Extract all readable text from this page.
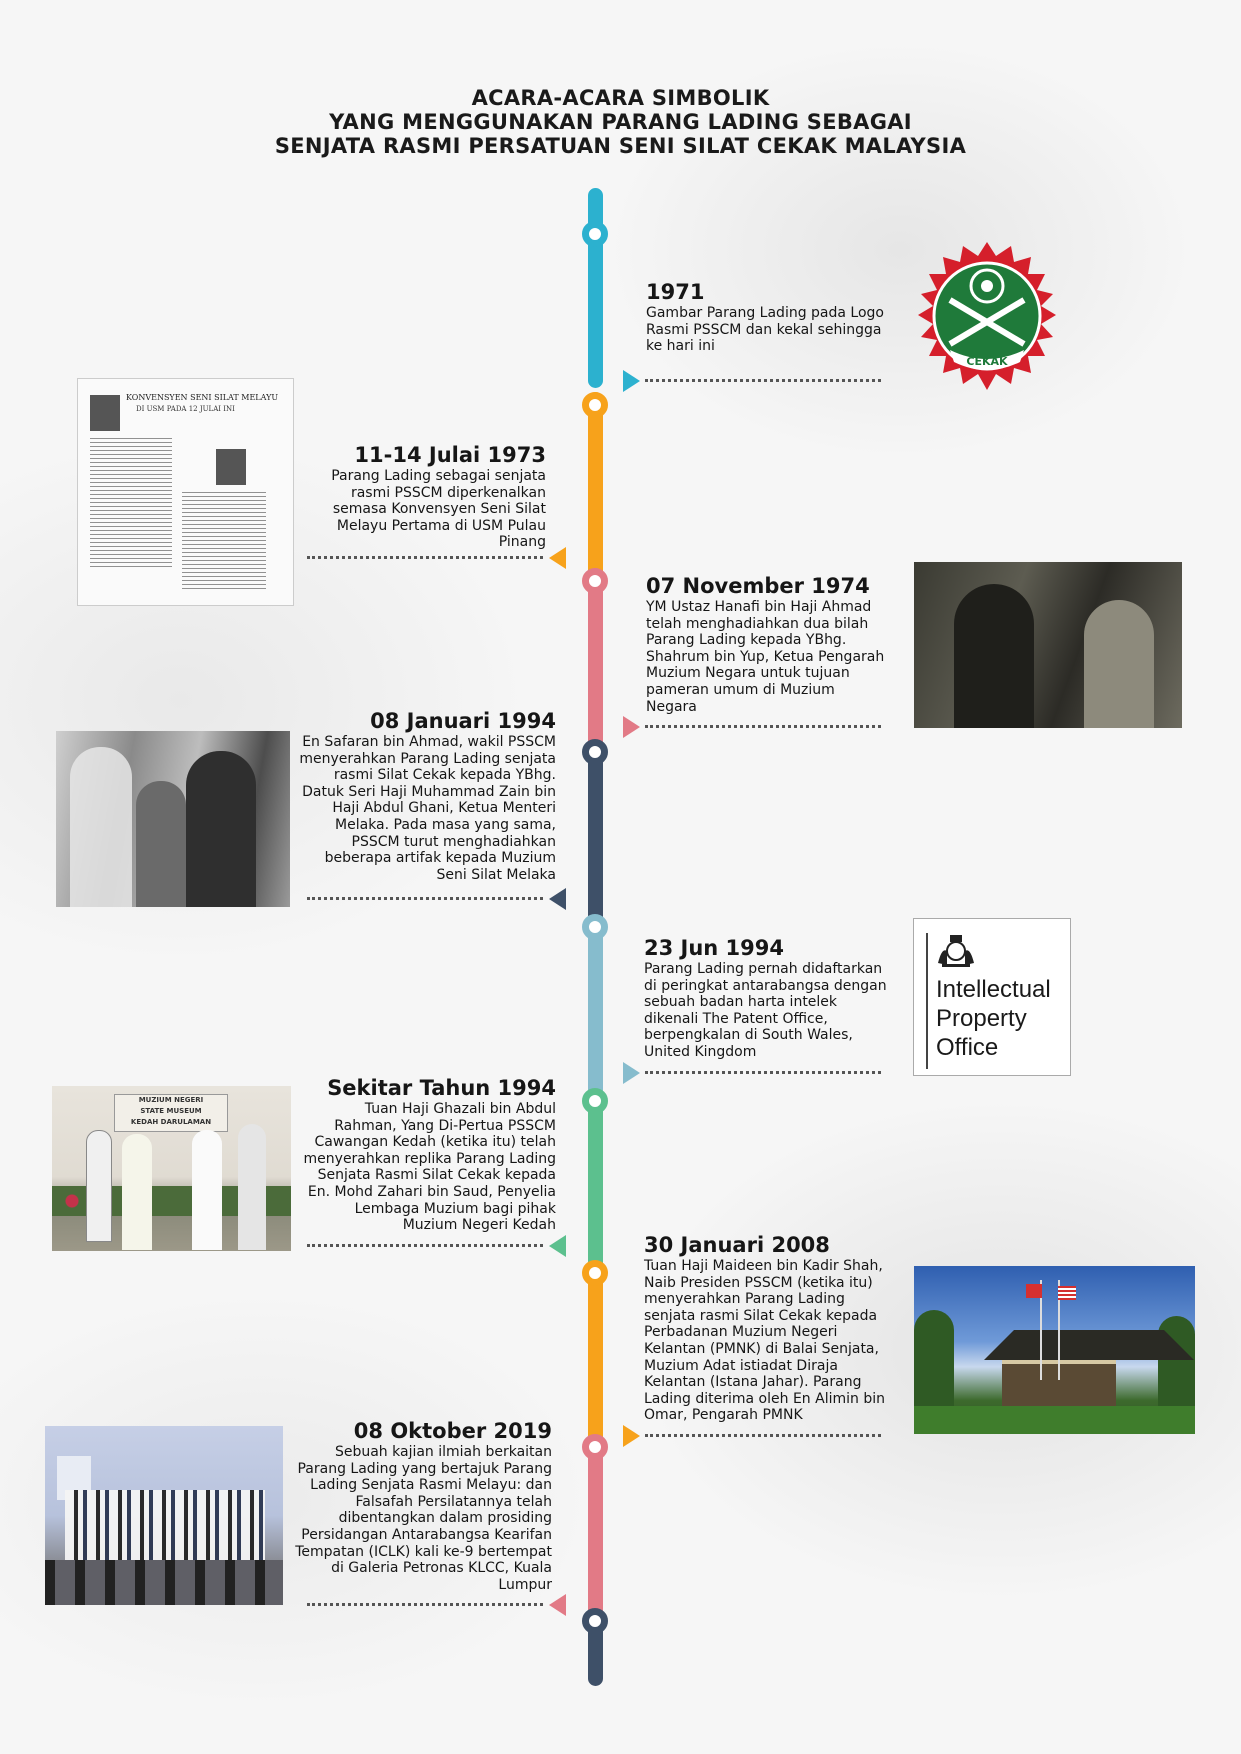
ACARA-ACARA SIMBOLIK
YANG MENGGUNAKAN PARANG LADING SEBAGAI
SENJATA RASMI PERSATUAN SENI SILAT CEKAK MALAYSIA
1971
Gambar Parang Lading pada Logo Rasmi PSSCM dan kekal sehingga ke hari ini
CEKAK
KONVENSYEN SENI SILAT MELAYU
DI USM PADA 12 JULAI INI
11-14 Julai 1973
Parang Lading sebagai senjata rasmi PSSCM diperkenalkan semasa Konvensyen Seni Silat Melayu Pertama di USM Pulau Pinang
07 November 1974
YM Ustaz Hanafi bin Haji Ahmad telah menghadiahkan dua bilah Parang Lading kepada YBhg. Shahrum bin Yup, Ketua Pengarah Muzium Negara untuk tujuan pameran umum di Muzium Negara
08 Januari 1994
En Safaran bin Ahmad, wakil PSSCM menyerahkan Parang Lading senjata rasmi Silat Cekak kepada YBhg. Datuk Seri Haji Muhammad Zain bin Haji Abdul Ghani, Ketua Menteri Melaka. Pada masa yang sama, PSSCM turut menghadiahkan beberapa artifak kepada Muzium Seni Silat Melaka
23 Jun 1994
Parang Lading pernah didaftarkan di peringkat antarabangsa dengan sebuah badan harta intelek dikenali The Patent Office, berpengkalan di South Wales, United Kingdom
Intellectual
Property
Office
MUZIUM NEGERI
STATE MUSEUM
KEDAH DARULAMAN
Sekitar Tahun 1994
Tuan Haji Ghazali bin Abdul Rahman, Yang Di-Pertua PSSCM Cawangan Kedah (ketika itu) telah menyerahkan replika Parang Lading Senjata Rasmi Silat Cekak kepada En. Mohd Zahari bin Saud, Penyelia Lembaga Muzium bagi pihak Muzium Negeri Kedah
30 Januari 2008
Tuan Haji Maideen bin Kadir Shah, Naib Presiden PSSCM (ketika itu) menyerahkan Parang Lading senjata rasmi Silat Cekak kepada Perbadanan Muzium Negeri Kelantan (PMNK) di Balai Senjata, Muzium Adat istiadat Diraja Kelantan (Istana Jahar). Parang Lading diterima oleh En Alimin bin Omar, Pengarah PMNK
08 Oktober 2019
Sebuah kajian ilmiah berkaitan Parang Lading yang bertajuk Parang Lading Senjata Rasmi Melayu: dan Falsafah Persilatannya telah dibentangkan dalam prosiding Persidangan Antarabangsa Kearifan Tempatan (ICLK) kali ke-9 bertempat di Galeria Petronas KLCC, Kuala Lumpur
